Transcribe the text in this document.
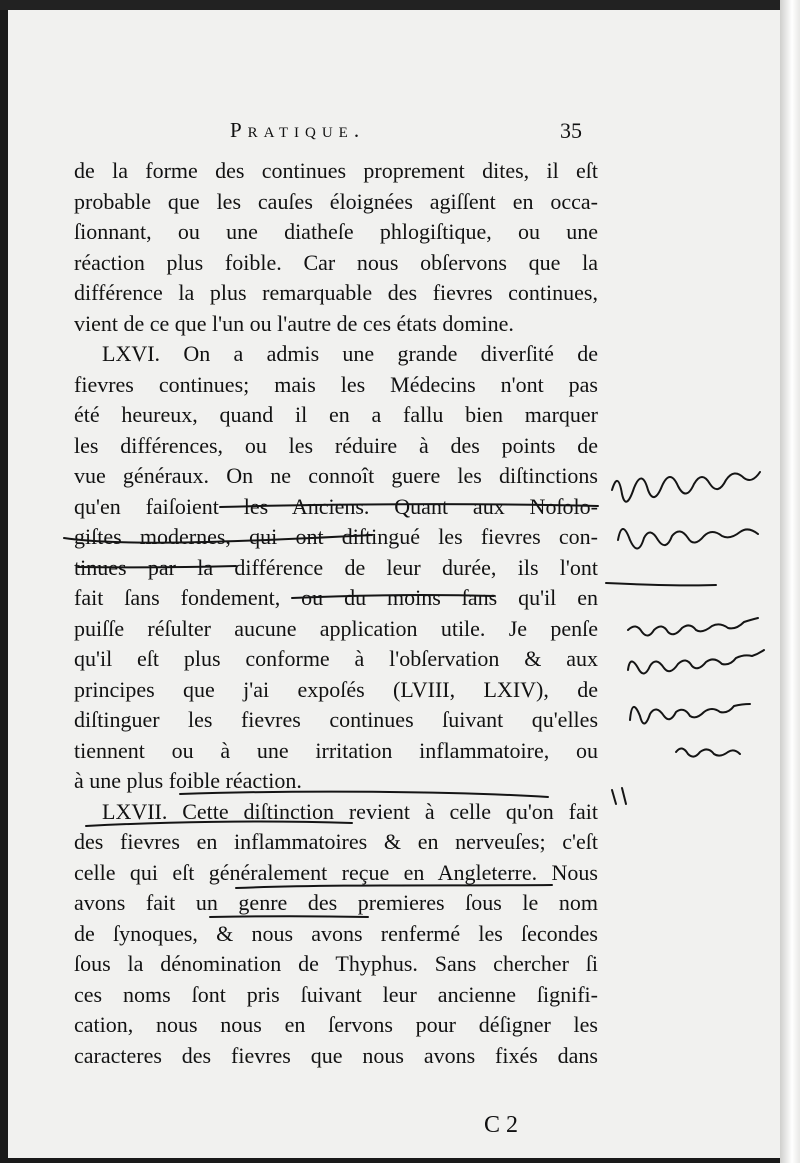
Pratique.	35
de la forme des continues proprement dites, il eſt
probable que les cauſes éloignées agiſſent en occa-
ſionnant, ou une diatheſe phlogiſtique, ou une
réaction plus foible. Car nous obſervons que la
différence la plus remarquable des fievres continues,
vient de ce que l'un ou l'autre de ces états domine.
LXVI. On a admis une grande diverſité de
fievres continues; mais les Médecins n'ont pas
été heureux, quand il en a fallu bien marquer
les différences, ou les réduire à des points de
vue généraux. On ne connoît guere les diſtinctions
qu'en faiſoient les Anciens. Quant aux Noſolo-
giſtes modernes, qui ont diſtingué les fievres con-
tinues par la différence de leur durée, ils l'ont
fait ſans fondement, ou du moins ſans qu'il en
puiſſe réſulter aucune application utile. Je penſe
qu'il eſt plus conforme à l'obſervation & aux
principes que j'ai expoſés (LVIII, LXIV), de
diſtinguer les fievres continues ſuivant qu'elles
tiennent ou à une irritation inflammatoire, ou
à une plus foible réaction.
LXVII. Cette diſtinction revient à celle qu'on fait
des fievres en inflammatoires & en nerveuſes; c'eſt
celle qui eſt généralement reçue en Angleterre. Nous
avons fait un genre des premieres ſous le nom
de ſynoques, & nous avons renfermé les ſecondes
ſous la dénomination de Thyphus. Sans chercher ſi
ces noms ſont pris ſuivant leur ancienne ſignifi-
cation, nous nous en ſervons pour déſigner les
caracteres des fievres que nous avons fixés dans
C 2
